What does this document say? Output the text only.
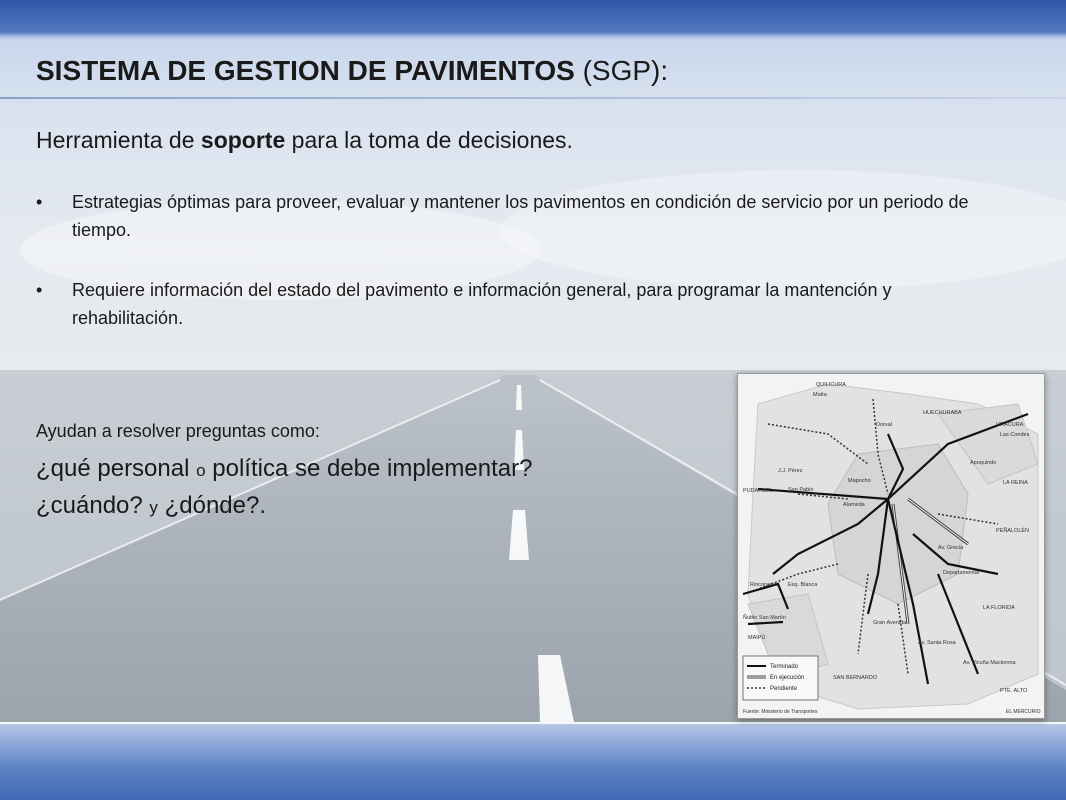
SISTEMA DE GESTION DE PAVIMENTOS (SGP):
Herramienta de soporte para la toma de decisiones.
• Estrategias óptimas para proveer, evaluar y mantener los pavimentos en condición de servicio por un periodo de tiempo.
• Requiere información del estado del pavimento e información general, para programar la mantención y rehabilitación.
Ayudan a resolver preguntas como:
¿qué personal o política se debe implementar?
¿cuándo? y ¿dónde?.
QUILICURA
HUECHURABA
VITACURA
LA REINA
PUDAHUEL
PEÑALOLÉN
MAIPÚ
LA FLORIDA
SAN BERNARDO
PTE. ALTO
Mattа
Dorsal
Las Condes
J.J. Pérez
San Pablo
Mapocho
Apoquindo
Alameda
Av. Grecia
Departamental
Rinconada Esq. Blanca
Ñuble San Martín
Gran Avenida
Av. Santa Rosa
Av. Vicuña Mackenna
Terminado
En ejecución
Pendiente
Fuente: Ministerio de Transportes	EL MERCURIO
